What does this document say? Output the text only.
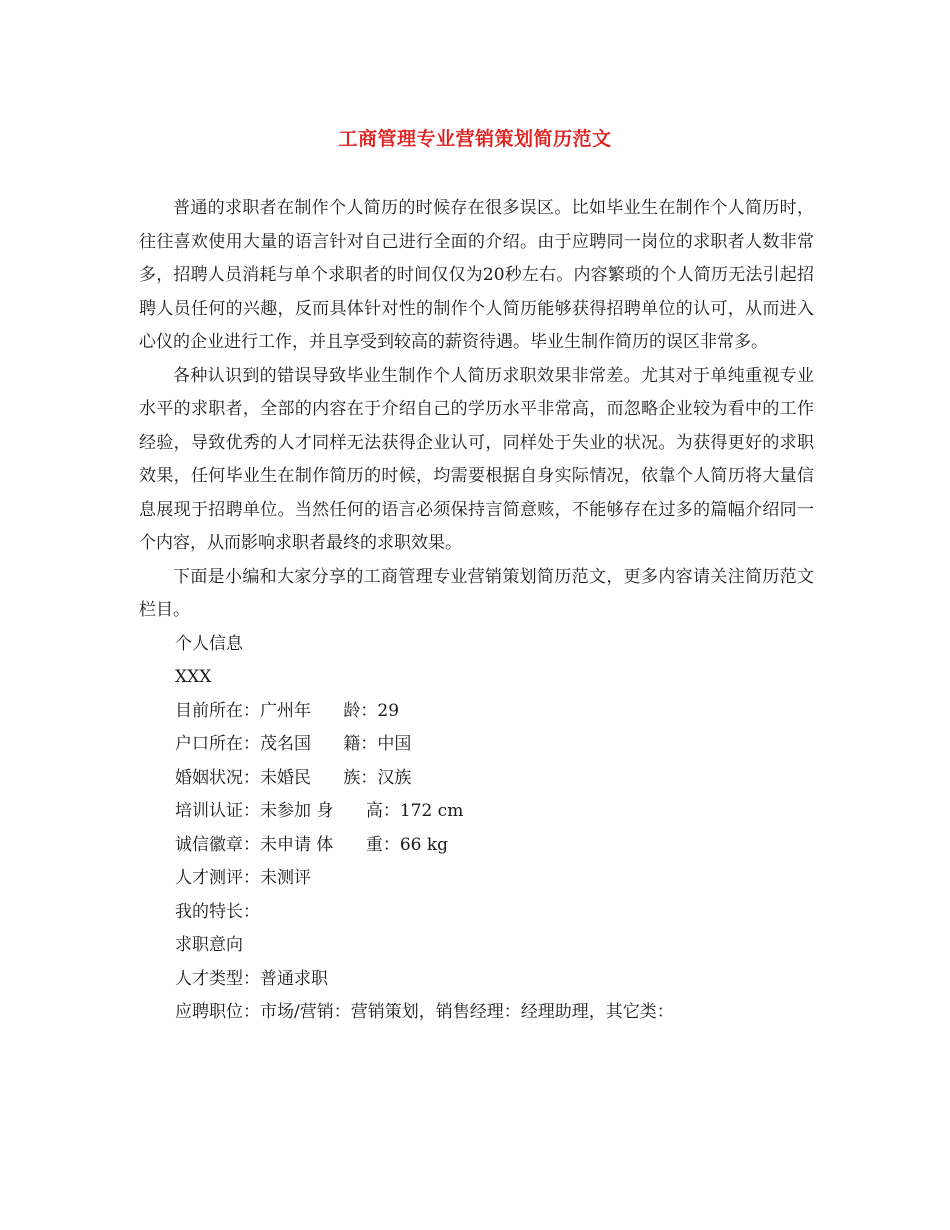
工商管理专业营销策划简历范文

普通的求职者在制作个人简历的时候存在很多误区。比如毕业生在制作个人简历时，往往喜欢使用大量的语言针对自己进行全面的介绍。由于应聘同一岗位的求职者人数非常多，招聘人员消耗与单个求职者的时间仅仅为20秒左右。内容繁琐的个人简历无法引起招聘人员任何的兴趣，反而具体针对性的制作个人简历能够获得招聘单位的认可，从而进入心仪的企业进行工作，并且享受到较高的薪资待遇。毕业生制作简历的误区非常多。

各种认识到的错误导致毕业生制作个人简历求职效果非常差。尤其对于单纯重视专业水平的求职者，全部的内容在于介绍自己的学历水平非常高，而忽略企业较为看中的工作经验，导致优秀的人才同样无法获得企业认可，同样处于失业的状况。为获得更好的求职效果，任何毕业生在制作简历的时候，均需要根据自身实际情况，依靠个人简历将大量信息展现于招聘单位。当然任何的语言必须保持言简意赅，不能够存在过多的篇幅介绍同一个内容，从而影响求职者最终的求职效果。

下面是小编和大家分享的工商管理专业营销策划简历范文，更多内容请关注简历范文栏目。

个人信息

XXX

目前所在：广州年      龄：29

户口所在：茂名国      籍：中国

婚姻状况：未婚民      族：汉族

培训认证：未参加 身      高：172 cm

诚信徽章：未申请 体      重：66 kg

人才测评：未测评

我的特长：

求职意向

人才类型：普通求职

应聘职位：市场/营销：营销策划，销售经理：经理助理，其它类：
